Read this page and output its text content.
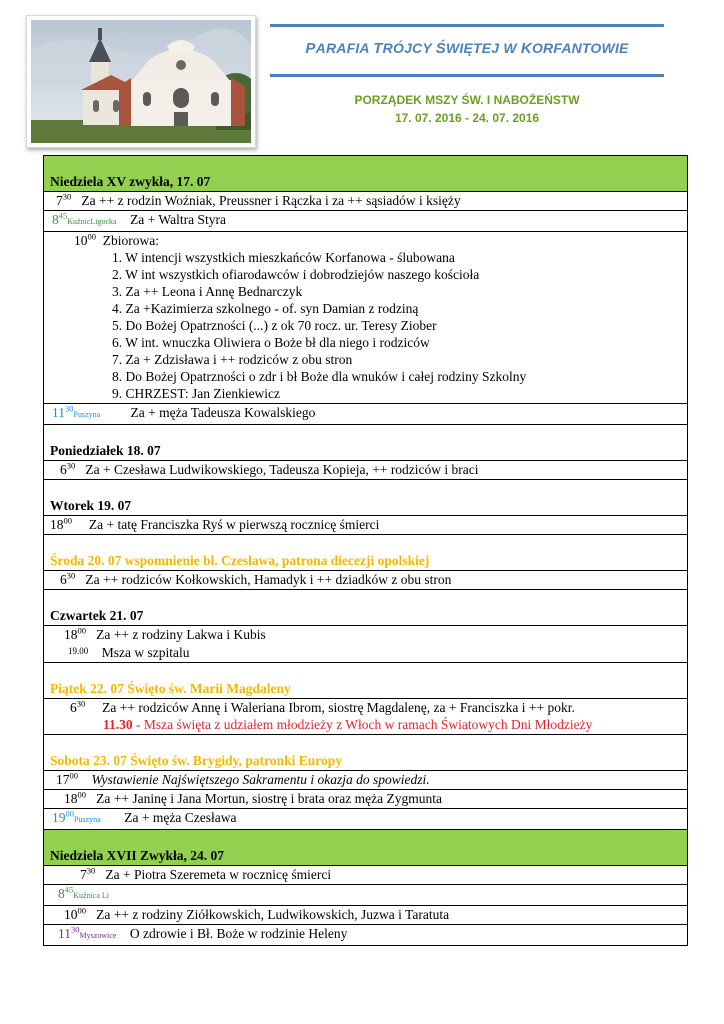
PARAFIA TRÓJCY ŚWIĘTEJ W KORFANTOWIE
PORZĄDEK MSZY ŚW. I NABOŻEŃSTW
17. 07. 2016 - 24. 07. 2016
Niedziela XV zwykła, 17. 07
$7^{30}$ Za ++ z rodzin Woźniak, Preussner i Rączka i za ++ sąsiadów i księży
$8^{45}KuźnicLigocka$ Za + Waltra Styra
$10^{00}$ Zbiorowa:
1. W intencji wszystkich mieszkańców Korfanowa - ślubowana
2. W int wszystkich ofiarodawców i dobrodziejów naszego kościoła
3. Za ++ Leona i Annę Bednarczyk
4. Za +Kazimierza szkolnego - of. syn Damian z rodziną
5. Do Bożej Opatrzności (...) z ok 70 rocz. ur. Teresy Ziober
6. W int. wnuczka Oliwiera o Boże bł dla niego i rodziców
7. Za + Zdzisława i ++ rodziców z obu stron
8. Do Bożej Opatrzności o zdr i bł Boże dla wnuków i całej rodziny Szkolny
9. CHRZEST: Jan Zienkiewicz
$11^{30}Puszyna$ Za + męża Tadeusza Kowalskiego
Poniedziałek 18. 07
$6^{30}$ Za + Czesława Ludwikowskiego, Tadeusza Kopieja, ++ rodziców i braci
Wtorek 19. 07
$18^{00}$ Za + tatę Franciszka Ryś w pierwszą rocznicę śmierci
Środa 20. 07 wspomnienie bł. Czesława, patrona diecezji opolskiej
$6^{30}$ Za ++ rodziców Kołkowskich, Hamadyk i ++ dziadków z obu stron
Czwartek 21. 07
$18^{00}$ Za ++ z rodziny Lakwa i Kubis
$^{19.00}$ Msza w szpitalu
Piątek 22. 07 Święto św. Marii Magdaleny
$6^{30}$ Za ++ rodziców Annę i Waleriana Ibrom, siostrę Magdalenę, za + Franciszka i ++ pokr.
11.30 - Msza święta z udziałem młodzieży z Włoch w ramach Światowych Dni Młodzieży
Sobota 23. 07 Święto św. Brygidy, patronki Europy
$17^{00}$ Wystawienie Najświętszego Sakramentu i okazja do spowiedzi.
$18^{00}$ Za ++ Janinę i Jana Mortun, siostrę i brata oraz męża Zygmunta
$19^{00}Puszyna$ Za + męża Czesława
Niedziela XVII Zwykła, 24. 07
$7^{30}$ Za + Piotra Szeremeta w rocznicę śmierci
$8^{45}Kuźnica$ Li
$10^{00}$ Za ++ z rodziny Ziółkowskich, Ludwikowskich, Juzwa i Taratuta
$11^{30}Myszowice$ O zdrowie i Bł. Boże w rodzinie Heleny
